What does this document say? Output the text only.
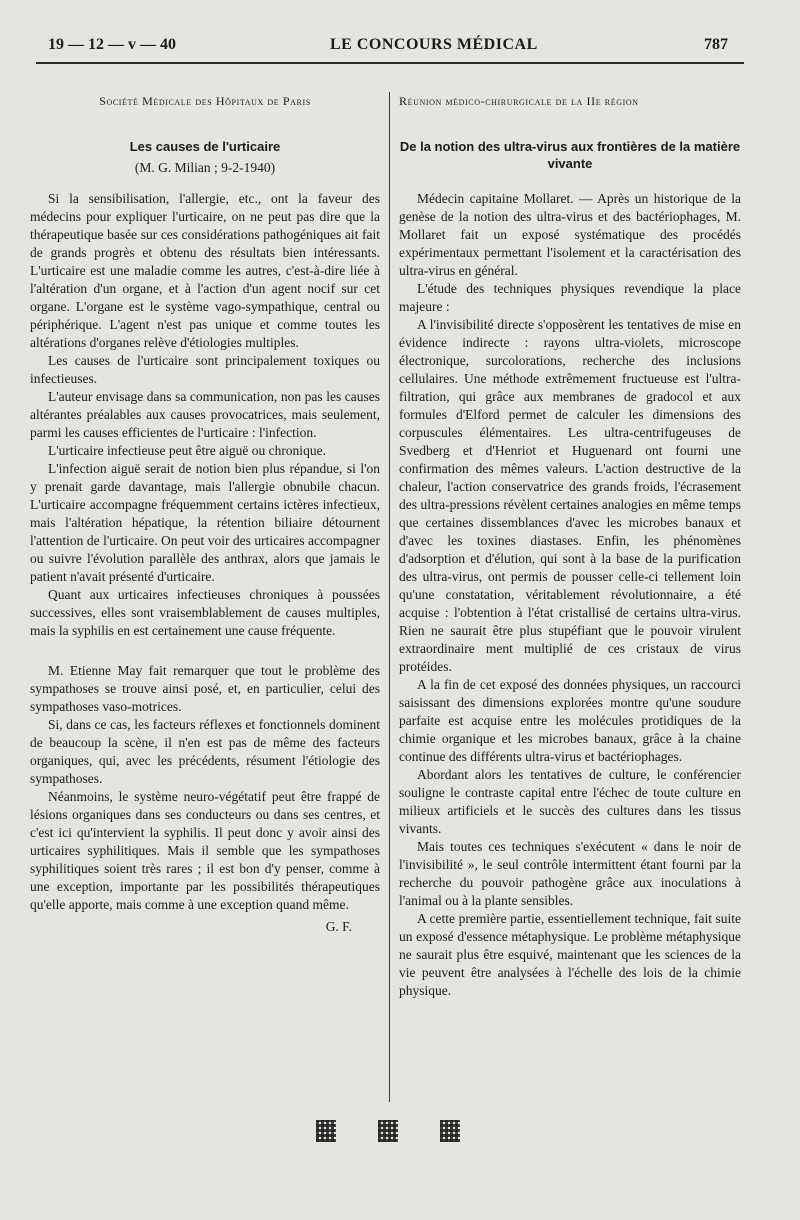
19 — 12 — v — 40	LE CONCOURS MÉDICAL	787
Société Médicale des Hôpitaux de Paris
Les causes de l'urticaire
(M. G. Milian ; 9-2-1940)

Si la sensibilisation, l'allergie, etc., ont la faveur des médecins pour expliquer l'urticaire, on ne peut pas dire que la thérapeutique basée sur ces considérations pathogéniques ait fait de grands progrès et obtenu des résultats bien intéressants. L'urticaire est une maladie comme les autres, c'est-à-dire liée à l'altération d'un organe, et à l'action d'un agent nocif sur cet organe. L'organe est le système vago-sympathique, central ou périphérique. L'agent n'est pas unique et comme toutes les altérations d'organes relève d'étiologies multiples.

Les causes de l'urticaire sont principalement toxiques ou infectieuses.

L'auteur envisage dans sa communication, non pas les causes altérantes préalables aux causes provocatrices, mais seulement, parmi les causes efficientes de l'urticaire : l'infection.

L'urticaire infectieuse peut être aiguë ou chronique.

L'infection aiguë serait de notion bien plus répandue, si l'on y prenait garde davantage, mais l'allergie obnubile chacun. L'urticaire accompagne fréquemment certains ictères infectieux, mais l'altération hépatique, la rétention biliaire détournent l'attention de l'urticaire. On peut voir des urticaires accompagner ou suivre l'évolution parallèle des anthrax, alors que jamais le patient n'avait présenté d'urticaire.

Quant aux urticaires infectieuses chroniques à poussées successives, elles sont vraisemblablement de causes multiples, mais la syphilis en est certainement une cause fréquente.

M. Etienne May fait remarquer que tout le problème des sympathoses se trouve ainsi posé, et, en particulier, celui des sympathoses vaso-motrices.

Si, dans ce cas, les facteurs réflexes et fonctionnels dominent de beaucoup la scène, il n'en est pas de même des facteurs organiques, qui, avec les précédents, résument l'étiologie des sympathoses.

Néanmoins, le système neuro-végétatif peut être frappé de lésions organiques dans ses conducteurs ou dans ses centres, et c'est ici qu'intervient la syphilis. Il peut donc y avoir ainsi des urticaires syphilitiques. Mais il semble que les sympathoses syphilitiques soient très rares ; il est bon d'y penser, comme à une exception, importante par les possibilités thérapeutiques qu'elle apporte, mais comme à une exception quand même.

G. F.

Réunion médico-chirurgicale de la IIe région
De la notion des ultra-virus aux frontières de la matière vivante

Médecin capitaine Mollaret. — Après un historique de la genèse de la notion des ultra-virus et des bactériophages, M. Mollaret fait un exposé systématique des procédés expérimentaux permettant l'isolement et la caractérisation des ultra-virus en général.

L'étude des techniques physiques revendique la place majeure :

A l'invisibilité directe s'opposèrent les tentatives de mise en évidence indirecte : rayons ultra-violets, microscope électronique, surcolorations, recherche des inclusions cellulaires. Une méthode extrêmement fructueuse est l'ultra-filtration, qui grâce aux membranes de gradocol et aux formules d'Elford permet de calculer les dimensions des corpuscules élémentaires. Les ultra-centrifugeuses de Svedberg et d'Henriot et Huguenard ont fourni une confirmation des mêmes valeurs. L'action destructive de la chaleur, l'action conservatrice des grands froids, l'écrasement des ultra-pressions révèlent certaines analogies en même temps que certaines dissemblances d'avec les microbes banaux et d'avec les toxines diastases. Enfin, les phénomènes d'adsorption et d'élution, qui sont à la base de la purification des ultra-virus, ont permis de pousser celle-ci tellement loin qu'une constatation, véritablement révolutionnaire, a été acquise : l'obtention à l'état cristallisé de certains ultra-virus. Rien ne saurait être plus stupéfiant que le pouvoir virulent extraordinaire ment multiplié de ces cristaux de virus protéides.

A la fin de cet exposé des données physiques, un raccourci saisissant des dimensions explorées montre qu'une soudure parfaite est acquise entre les molécules protidiques de la chimie organique et les microbes banaux, grâce à la chaine continue des différents ultra-virus et bactériophages.

Abordant alors les tentatives de culture, le conférencier souligne le contraste capital entre l'échec de toute culture en milieux artificiels et le succès des cultures dans les tissus vivants.

Mais toutes ces techniques s'exécutent « dans le noir de l'invisibilité », le seul contrôle intermittent étant fourni par la recherche du pouvoir pathogène grâce aux inoculations à l'animal ou à la plante sensibles.

A cette première partie, essentiellement technique, fait suite un exposé d'essence métaphysique. Le problème métaphysique ne saurait plus être esquivé, maintenant que les sciences de la vie peuvent être analysées à l'échelle des lois de la chimie physique.
